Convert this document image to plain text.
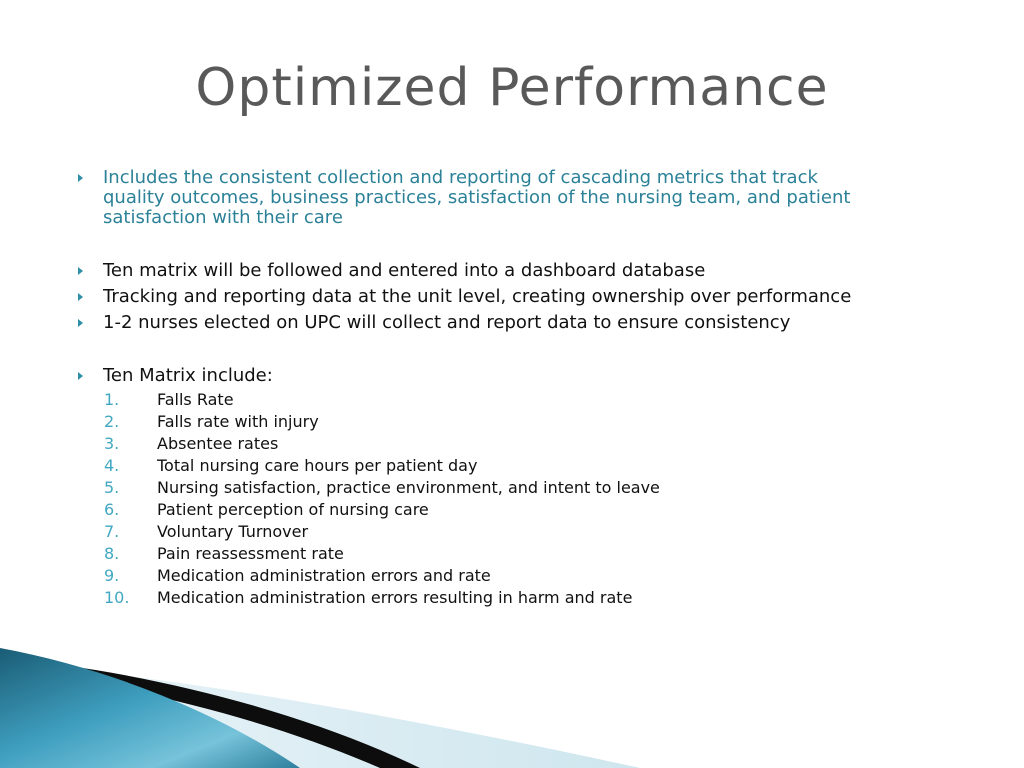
Optimized Performance
Includes the consistent collection and reporting of cascading metrics that track
quality outcomes, business practices, satisfaction of the nursing team, and patient
satisfaction with their care
Ten matrix will be followed and entered into a dashboard database
Tracking and reporting data at the unit level, creating ownership over performance
1-2 nurses elected on UPC will collect and report data to ensure consistency
Ten Matrix include:
1. Falls Rate
2. Falls rate with injury
3. Absentee rates
4. Total nursing care hours per patient day
5. Nursing satisfaction, practice environment, and intent to leave
6. Patient perception of nursing care
7. Voluntary Turnover
8. Pain reassessment rate
9. Medication administration errors and rate
10. Medication administration errors resulting in harm and rate
